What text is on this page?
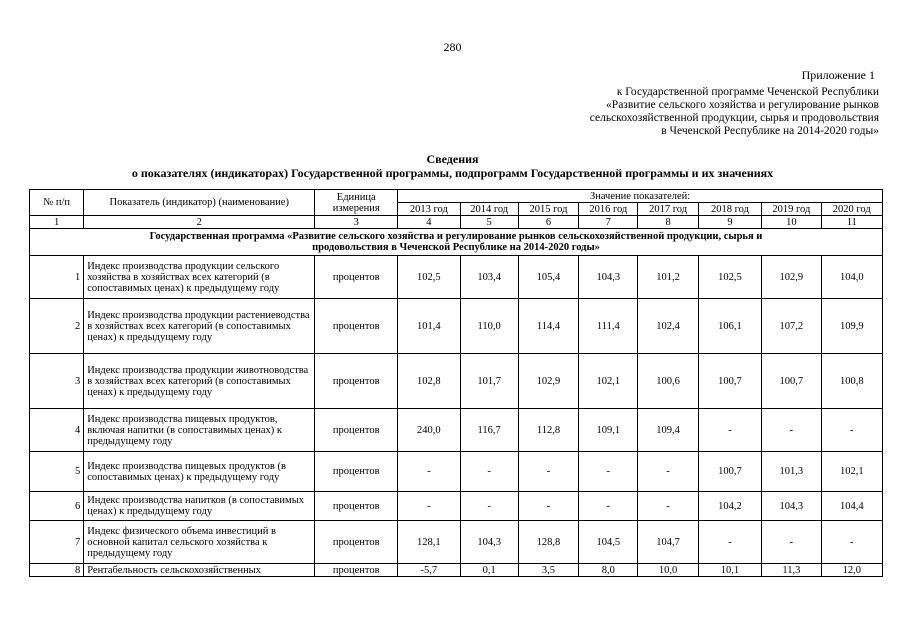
280
Приложение 1
к Государственной программе Чеченской Республики
«Развитие сельского хозяйства и регулирование рынков
сельскохозяйственной продукции, сырья и продовольствия
в Чеченской Республике на 2014-2020 годы»
Сведения
о показателях (индикаторах) Государственной программы, подпрограмм Государственной программы и их значениях
№ п/п	Показатель (индикатор) (наименование)	Единица измерения	Значение показателей:							
			2013 год	2014 год	2015 год	2016 год	2017 год	2018 год	2019 год	2020 год
1	2	3	4	5	6	7	8	9	10	11
Государственная программа «Развитие сельского хозяйства и регулирование рынков сельскохозяйственной продукции, сырья и продовольствия в Чеченской Республике на 2014-2020 годы»										
1	Индекс производства продукции сельского хозяйства в хозяйствах всех категорий (в сопоставимых ценах) к предыдущему году	процентов	102,5	103,4	105,4	104,3	101,2	102,5	102,9	104,0
2	Индекс производства продукции растениеводства в хозяйствах всех категорий (в сопоставимых ценах) к предыдущему году	процентов	101,4	110,0	114,4	111,4	102,4	106,1	107,2	109,9
3	Индекс производства продукции животноводства в хозяйствах всех категорий (в сопоставимых ценах) к предыдущему году	процентов	102,8	101,7	102,9	102,1	100,6	100,7	100,7	100,8
4	Индекс производства пищевых продуктов, включая напитки (в сопоставимых ценах) к предыдущему году	процентов	240,0	116,7	112,8	109,1	109,4	-	-	-
5	Индекс производства пищевых продуктов (в сопоставимых ценах) к предыдущему году	процентов	-	-	-	-	-	100,7	101,3	102,1
6	Индекс производства напитков (в сопоставимых ценах) к предыдущему году	процентов	-	-	-	-	-	104,2	104,3	104,4
7	Индекс физического объема инвестиций в основной капитал сельского хозяйства к предыдущему году	процентов	128,1	104,3	128,8	104,5	104,7	-	-	-
8	Рентабельность сельскохозяйственных	процентов	-5,7	0,1	3,5	8,0	10,0	10,1	11,3	12,0
